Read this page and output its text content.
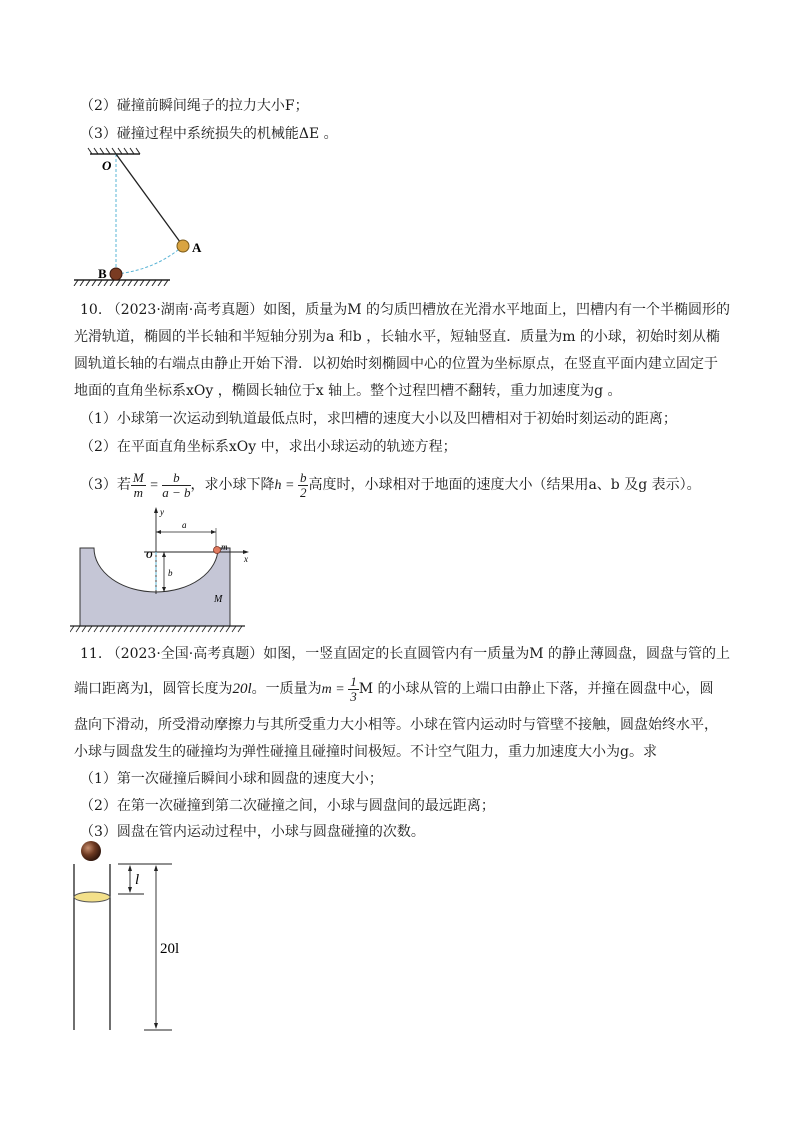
（2）碰撞前瞬间绳子的拉力大小F；
（3）碰撞过程中系统损失的机械能ΔE 。
O
A
B
10. （2023·湖南·高考真题）如图，质量为M 的匀质凹槽放在光滑水平地面上，凹槽内有一个半椭圆形的
光滑轨道，椭圆的半长轴和半短轴分别为a 和b ，长轴水平，短轴竖直．质量为m 的小球，初始时刻从椭
圆轨道长轴的右端点由静止开始下滑．以初始时刻椭圆中心的位置为坐标原点，在竖直平面内建立固定于
地面的直角坐标系xOy ，椭圆长轴位于x 轴上。整个过程凹槽不翻转，重力加速度为g 。
（1）小球第一次运动到轨道最低点时，求凹槽的速度大小以及凹槽相对于初始时刻运动的距离；
（2）在平面直角坐标系xOy 中，求出小球运动的轨迹方程；
（3）若 $\frac{M}{m} = \frac{b}{a - b}$ ，求小球下降$h = \frac{b}{2}$ 高度时，小球相对于地面的速度大小（结果用a、b 及g 表示）。
y
x
O
a
b
m
M
11. （2023·全国·高考真题）如图，一竖直固定的长直圆管内有一质量为M 的静止薄圆盘，圆盘与管的上
端口距离为l，圆管长度为20l。一质量为$m = \frac{1}{3}$ M 的小球从管的上端口由静止下落，并撞在圆盘中心，圆
盘向下滑动，所受滑动摩擦力与其所受重力大小相等。小球在管内运动时与管壁不接触，圆盘始终水平，
小球与圆盘发生的碰撞均为弹性碰撞且碰撞时间极短。不计空气阻力，重力加速度大小为g。求
（1）第一次碰撞后瞬间小球和圆盘的速度大小；
（2）在第一次碰撞到第二次碰撞之间，小球与圆盘间的最远距离；
（3）圆盘在管内运动过程中，小球与圆盘碰撞的次数。
l
20l
